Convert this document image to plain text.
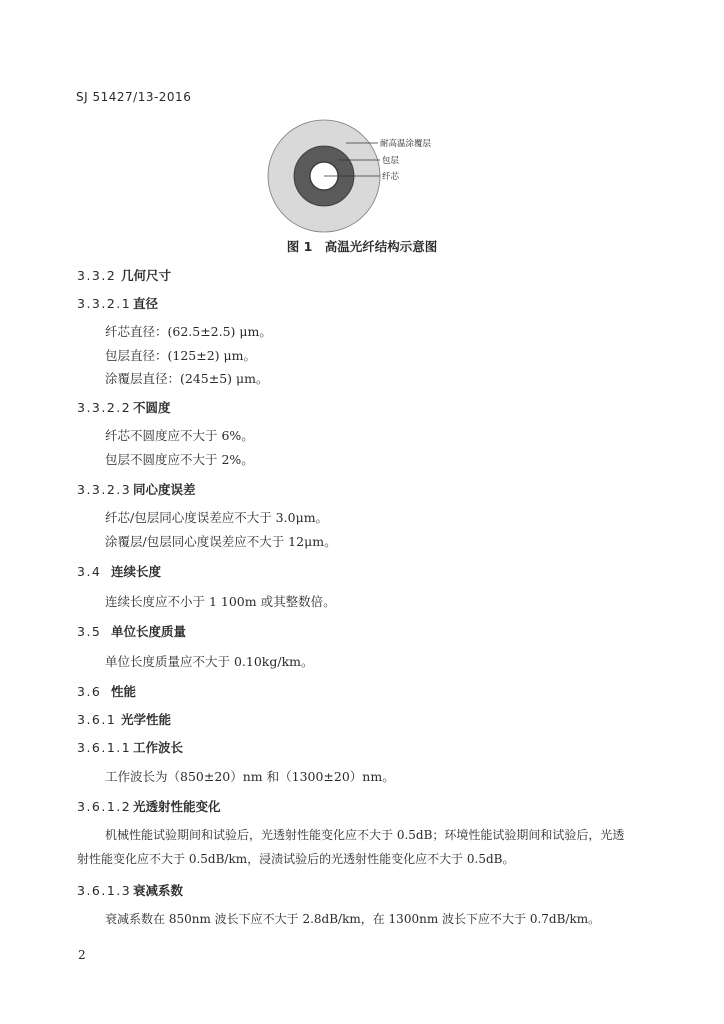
SJ 51427/13-2016
耐高温涂覆层
包层
纤芯
图 1　高温光纤结构示意图
3.3.2 几何尺寸
3.3.2.1 直径
纤芯直径：(62.5±2.5) μm。
包层直径：(125±2) μm。
涂覆层直径：(245±5) μm。
3.3.2.2 不圆度
纤芯不圆度应不大于 6%。
包层不圆度应不大于 2%。
3.3.2.3 同心度误差
纤芯/包层同心度误差应不大于 3.0μm。
涂覆层/包层同心度误差应不大于 12μm。
3.4 连续长度
连续长度应不小于 1 100m 或其整数倍。
3.5 单位长度质量
单位长度质量应不大于 0.10kg/km。
3.6 性能
3.6.1 光学性能
3.6.1.1 工作波长
工作波长为（850±20）nm 和（1300±20）nm。
3.6.1.2 光透射性能变化
机械性能试验期间和试验后，光透射性能变化应不大于 0.5dB；环境性能试验期间和试验后，光透
射性能变化应不大于 0.5dB/km，浸渍试验后的光透射性能变化应不大于 0.5dB。
3.6.1.3 衰减系数
衰减系数在 850nm 波长下应不大于 2.8dB/km，在 1300nm 波长下应不大于 0.7dB/km。
2
